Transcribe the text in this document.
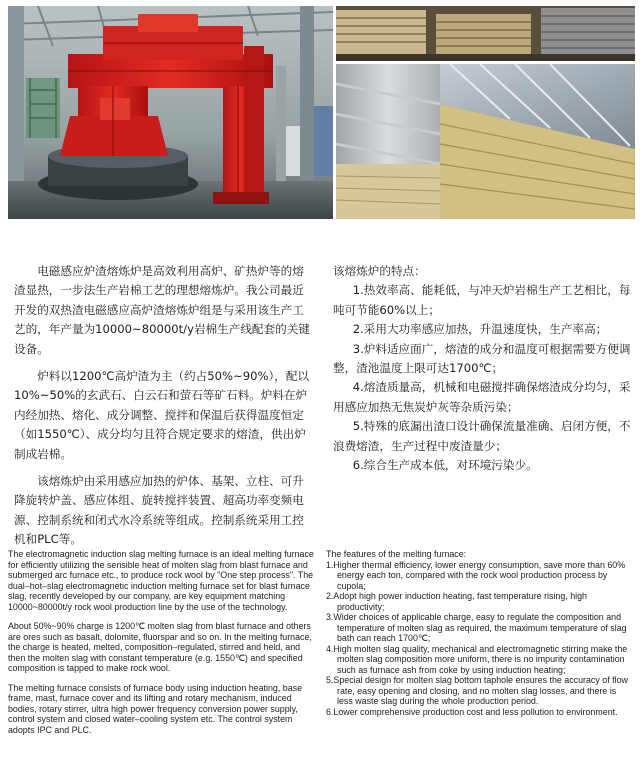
电磁感应炉渣熔炼炉是高效利用高炉、矿热炉等的熔渣显热，一步法生产岩棉工艺的理想熔炼炉。我公司最近开发的双热渣电磁感应高炉渣熔炼炉组是与采用该生产工艺的，年产量为10000~80000t/y岩棉生产线配套的关键设备。

炉料以1200℃高炉渣为主（约占50%~90%），配以10%~50%的玄武石、白云石和萤石等矿石料。炉料在炉内经加热、熔化、成分调整、搅拌和保温后获得温度恒定（如1550℃）、成分均匀且符合规定要求的熔渣，供出炉制成岩棉。

该熔炼炉由采用感应加热的炉体、基架、立柱、可升降旋转炉盖、感应体组、旋转搅拌装置、超高功率变频电源、控制系统和闭式水冷系统等组成。控制系统采用工控机和PLC等。

该熔炼炉的特点：

1.热效率高、能耗低，与冲天炉岩棉生产工艺相比，每吨可节能60%以上；

2.采用大功率感应加热，升温速度快，生产率高；

3.炉料适应面广，熔渣的成分和温度可根据需要方便调整，渣池温度上限可达1700℃；

4.熔渣质量高，机械和电磁搅拌确保熔渣成分均匀，采用感应加热无焦炭炉灰等杂质污染；

5.特殊的底漏出渣口设计确保流量准确、启闭方便，不浪费熔渣，生产过程中废渣量少；

6.综合生产成本低，对环境污染少。

The electromagnetic induction slag melting furnace is an ideal melting furnace for efficiently utilizing the sensible heat of molten slag from blast furnace and submerged arc furnace etc., to produce rock wool by "One step process". The dual–hot–slag electromagnetic induction melting furnace set for blast furnace slag, recently developed by our company, are key equipment matching 10000~80000t/y rock wool production line by the use of the technology.

About 50%~90% charge is 1200℃ molten slag from blast furnace and others are ores such as basalt, dolomite, fluorspar and so on. In the melting furnace, the charge is heated, melted, composition–regulated, stirred and held, and then the molten slag with constant temperature (e.g. 1550℃) and specified composition is tapped to make rock wool.

The melting furnace consists of furnace body using induction heating, base frame, mast, furnace cover and its lifting and rotary mechanism, induced bodies, rotary stirrer, ultra high power frequency conversion power supply, control system and closed water–cooling system etc. The control system adopts IPC and PLC.

The features of the melting furnace:

1.Higher thermal efficiency, lower energy consumption, save more than 60% energy each ton, compared with the rock wool production process by cupola;

2.Adopt high power induction heating, fast temperature rising, high productivity;

3.Wider choices of applicable charge, easy to regulate the composition and temperature of molten slag as required, the maximum temperature of slag bath can reach 1700℃;

4.High molten slag quality, mechanical and electromagnetic stirring make the molten slag composition more uniform, there is no impurity contamination such as furnace ash from coke by using induction heating;

5.Special design for molten slag bottom taphole ensures the accuracy of flow rate, easy opening and closing, and no molten slag losses, and there is less waste slag during the whole production period.

6.Lower comprehensive production cost and less pollution to environment.
